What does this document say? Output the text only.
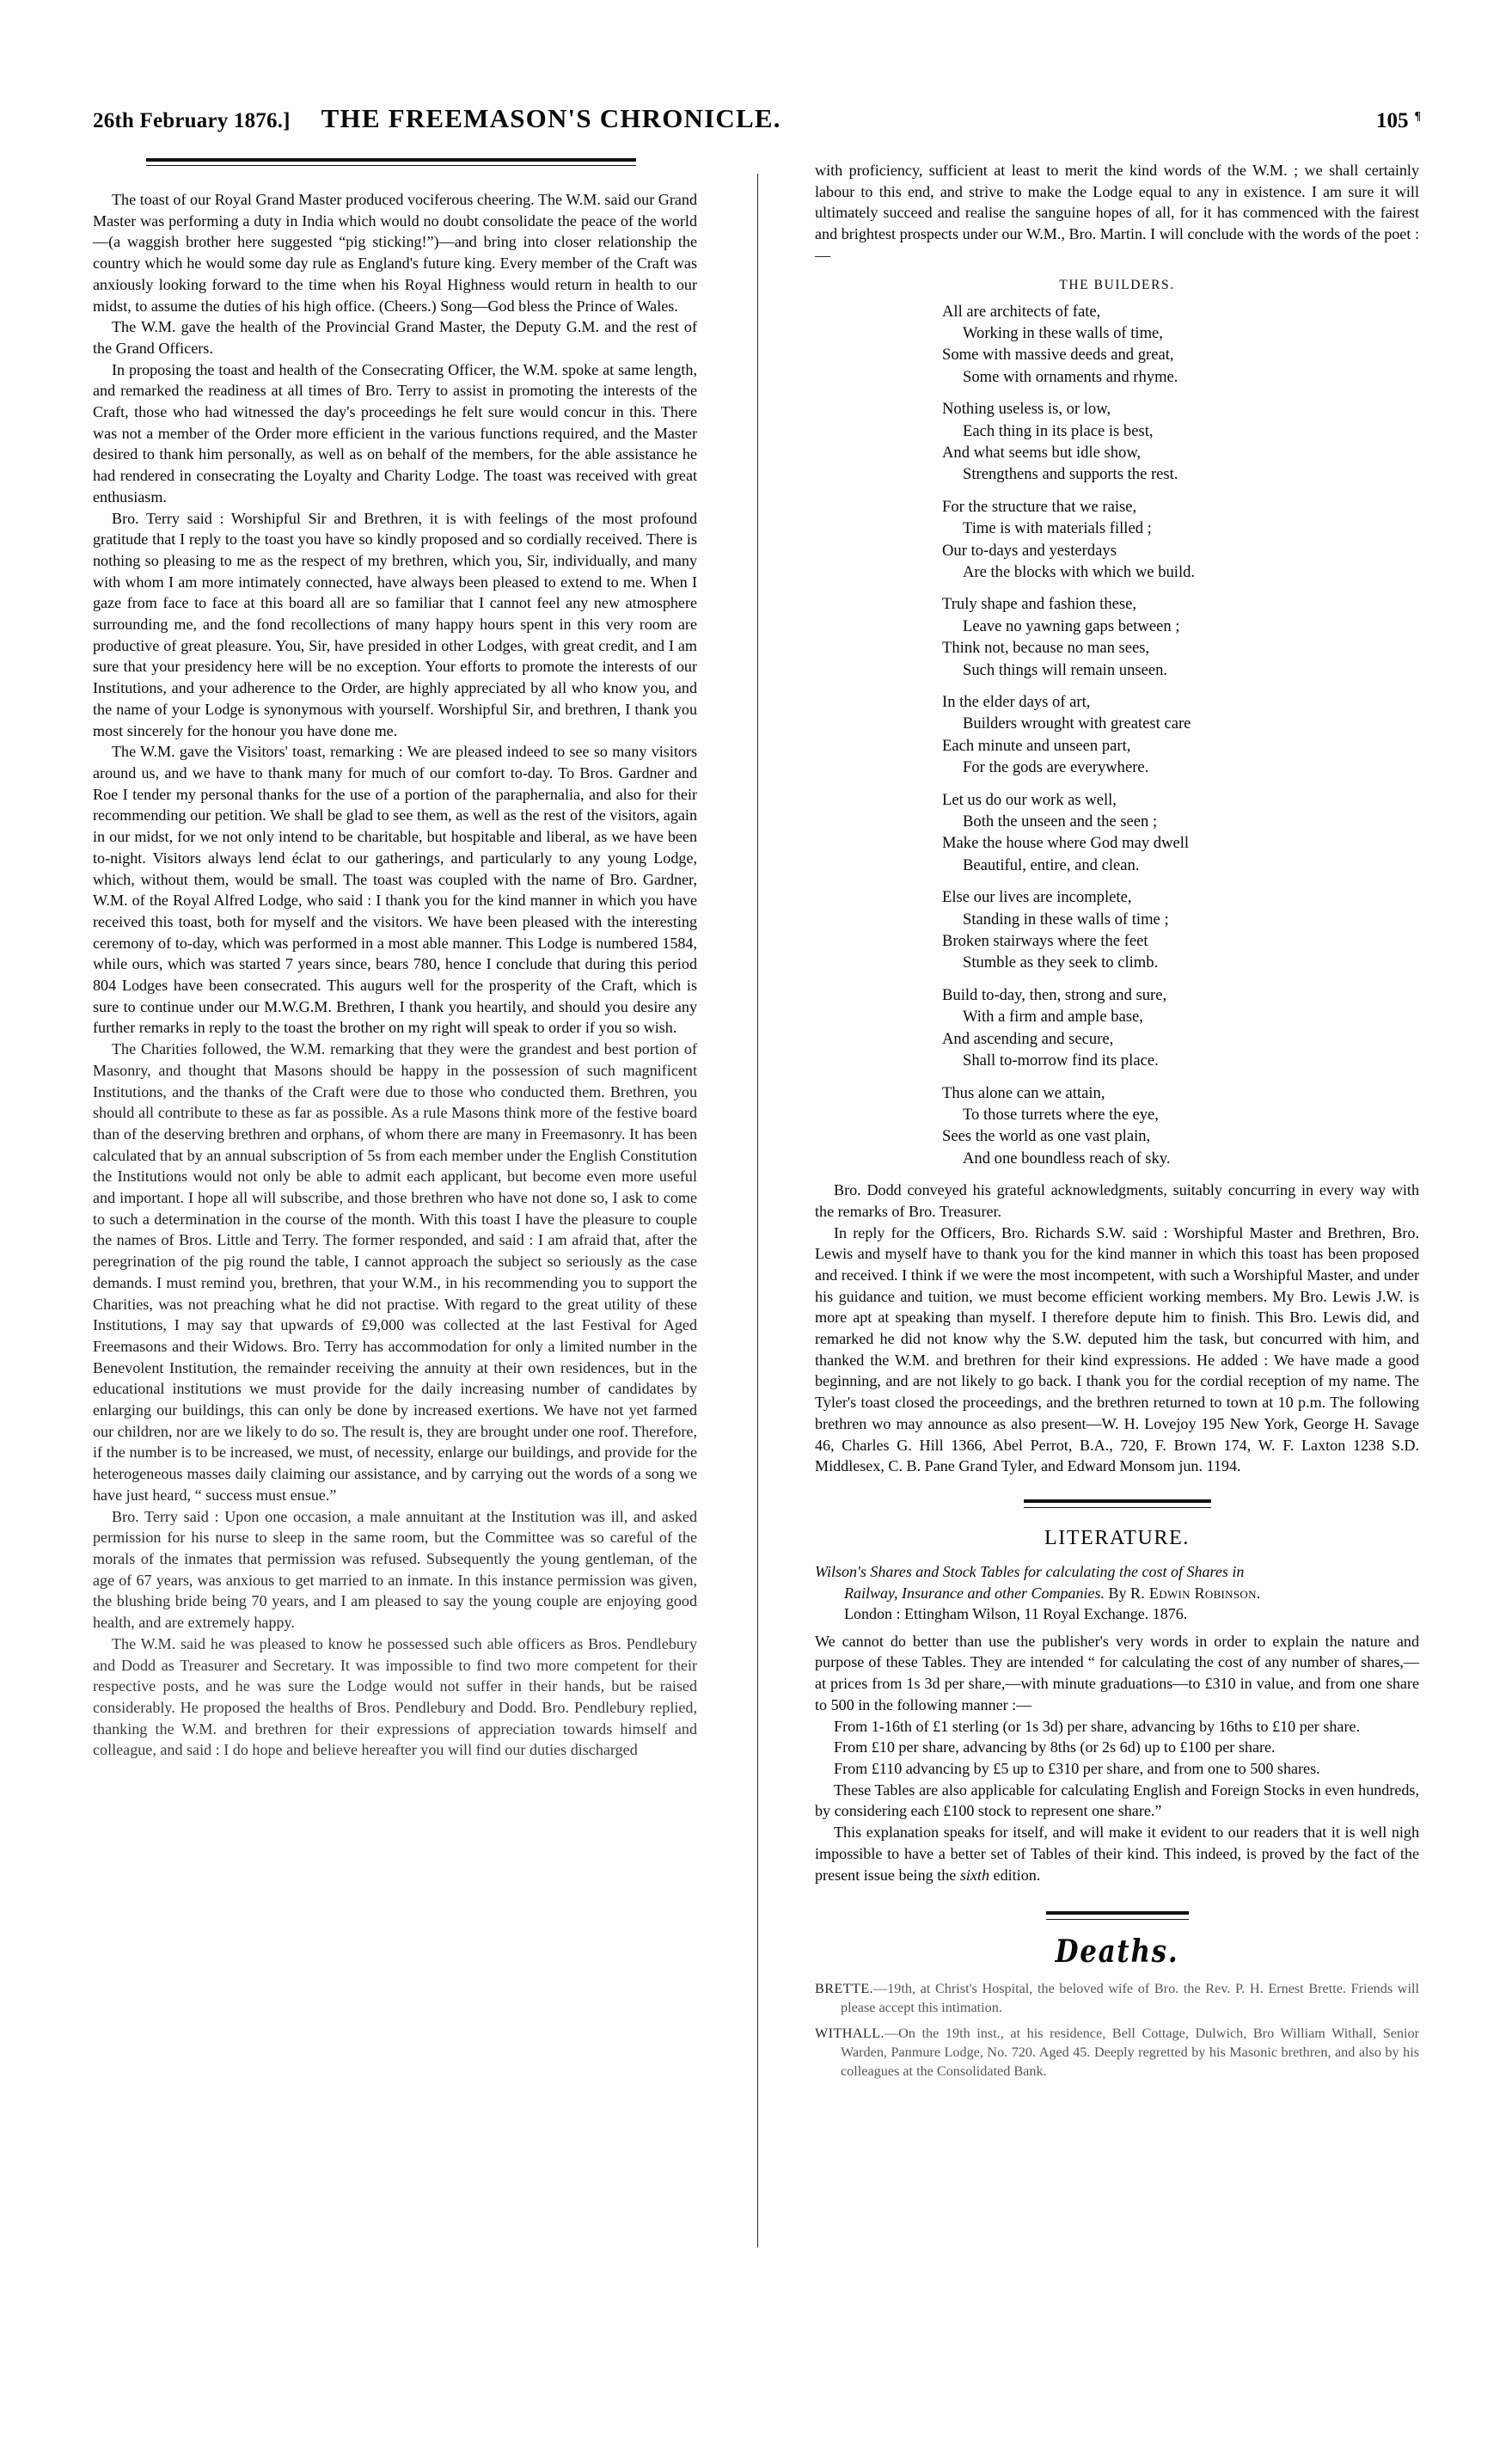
26th February 1876.] THE FREEMASON'S CHRONICLE.	105 ¶

The toast of our Royal Grand Master produced vociferous cheering. The W.M. said our Grand Master was performing a duty in India which would no doubt consolidate the peace of the world—(a waggish brother here suggested “pig sticking!”)—and bring into closer relationship the country which he would some day rule as England's future king. Every member of the Craft was anxiously looking forward to the time when his Royal Highness would return in health to our midst, to assume the duties of his high office. (Cheers.) Song—God bless the Prince of Wales.

The W.M. gave the health of the Provincial Grand Master, the Deputy G.M. and the rest of the Grand Officers.

In proposing the toast and health of the Consecrating Officer, the W.M. spoke at same length, and remarked the readiness at all times of Bro. Terry to assist in promoting the interests of the Craft, those who had witnessed the day's proceedings he felt sure would concur in this. There was not a member of the Order more efficient in the various functions required, and the Master desired to thank him personally, as well as on behalf of the members, for the able assistance he had rendered in consecrating the Loyalty and Charity Lodge. The toast was received with great enthusiasm.

Bro. Terry said : Worshipful Sir and Brethren, it is with feelings of the most profound gratitude that I reply to the toast you have so kindly proposed and so cordially received. There is nothing so pleasing to me as the respect of my brethren, which you, Sir, individually, and many with whom I am more intimately connected, have always been pleased to extend to me. When I gaze from face to face at this board all are so familiar that I cannot feel any new atmosphere surrounding me, and the fond recollections of many happy hours spent in this very room are productive of great pleasure. You, Sir, have presided in other Lodges, with great credit, and I am sure that your presidency here will be no exception. Your efforts to promote the interests of our Institutions, and your adherence to the Order, are highly appreciated by all who know you, and the name of your Lodge is synonymous with yourself. Worshipful Sir, and brethren, I thank you most sincerely for the honour you have done me.

The W.M. gave the Visitors' toast, remarking : We are pleased indeed to see so many visitors around us, and we have to thank many for much of our comfort to-day. To Bros. Gardner and Roe I tender my personal thanks for the use of a portion of the paraphernalia, and also for their recommending our petition. We shall be glad to see them, as well as the rest of the visitors, again in our midst, for we not only intend to be charitable, but hospitable and liberal, as we have been to-night. Visitors always lend éclat to our gatherings, and particularly to any young Lodge, which, without them, would be small. The toast was coupled with the name of Bro. Gardner, W.M. of the Royal Alfred Lodge, who said : I thank you for the kind manner in which you have received this toast, both for myself and the visitors. We have been pleased with the interesting ceremony of to-day, which was performed in a most able manner. This Lodge is numbered 1584, while ours, which was started 7 years since, bears 780, hence I conclude that during this period 804 Lodges have been consecrated. This augurs well for the prosperity of the Craft, which is sure to continue under our M.W.G.M. Brethren, I thank you heartily, and should you desire any further remarks in reply to the toast the brother on my right will speak to order if you so wish.

The Charities followed, the W.M. remarking that they were the grandest and best portion of Masonry, and thought that Masons should be happy in the possession of such magnificent Institutions, and the thanks of the Craft were due to those who conducted them. Brethren, you should all contribute to these as far as possible. As a rule Masons think more of the festive board than of the deserving brethren and orphans, of whom there are many in Freemasonry. It has been calculated that by an annual subscription of 5s from each member under the English Constitution the Institutions would not only be able to admit each applicant, but become even more useful and important. I hope all will subscribe, and those brethren who have not done so, I ask to come to such a determination in the course of the month. With this toast I have the pleasure to couple the names of Bros. Little and Terry. The former responded, and said : I am afraid that, after the peregrination of the pig round the table, I cannot approach the subject so seriously as the case demands. I must remind you, brethren, that your W.M., in his recommending you to support the Charities, was not preaching what he did not practise. With regard to the great utility of these Institutions, I may say that upwards of £9,000 was collected at the last Festival for Aged Freemasons and their Widows. Bro. Terry has accommodation for only a limited number in the Benevolent Institution, the remainder receiving the annuity at their own residences, but in the educational institutions we must provide for the daily increasing number of candidates by enlarging our buildings, this can only be done by increased exertions. We have not yet farmed our children, nor are we likely to do so. The result is, they are brought under one roof. Therefore, if the number is to be increased, we must, of necessity, enlarge our buildings, and provide for the heterogeneous masses daily claiming our assistance, and by carrying out the words of a song we have just heard, “ success must ensue.”

Bro. Terry said : Upon one occasion, a male annuitant at the Institution was ill, and asked permission for his nurse to sleep in the same room, but the Committee was so careful of the morals of the inmates that permission was refused. Subsequently the young gentleman, of the age of 67 years, was anxious to get married to an inmate. In this instance permission was given, the blushing bride being 70 years, and I am pleased to say the young couple are enjoying good health, and are extremely happy.

The W.M. said he was pleased to know he possessed such able officers as Bros. Pendlebury and Dodd as Treasurer and Secretary. It was impossible to find two more competent for their respective posts, and he was sure the Lodge would not suffer in their hands, but be raised considerably. He proposed the healths of Bros. Pendlebury and Dodd. Bro. Pendlebury replied, thanking the W.M. and brethren for their expressions of appreciation towards himself and colleague, and said : I do hope and believe hereafter you will find our duties discharged

with proficiency, sufficient at least to merit the kind words of the W.M. ; we shall certainly labour to this end, and strive to make the Lodge equal to any in existence. I am sure it will ultimately succeed and realise the sanguine hopes of all, for it has commenced with the fairest and brightest prospects under our W.M., Bro. Martin. I will conclude with the words of the poet :—

THE BUILDERS.
All are architects of fate,
Working in these walls of time,
Some with massive deeds and great,
Some with ornaments and rhyme.
Nothing useless is, or low,
Each thing in its place is best,
And what seems but idle show,
Strengthens and supports the rest.
For the structure that we raise,
Time is with materials filled ;
Our to-days and yesterdays
Are the blocks with which we build.
Truly shape and fashion these,
Leave no yawning gaps between ;
Think not, because no man sees,
Such things will remain unseen.
In the elder days of art,
Builders wrought with greatest care
Each minute and unseen part,
For the gods are everywhere.
Let us do our work as well,
Both the unseen and the seen ;
Make the house where God may dwell
Beautiful, entire, and clean.
Else our lives are incomplete,
Standing in these walls of time ;
Broken stairways where the feet
Stumble as they seek to climb.
Build to-day, then, strong and sure,
With a firm and ample base,
And ascending and secure,
Shall to-morrow find its place.
Thus alone can we attain,
To those turrets where the eye,
Sees the world as one vast plain,
And one boundless reach of sky.

Bro. Dodd conveyed his grateful acknowledgments, suitably concurring in every way with the remarks of Bro. Treasurer.

In reply for the Officers, Bro. Richards S.W. said : Worshipful Master and Brethren, Bro. Lewis and myself have to thank you for the kind manner in which this toast has been proposed and received. I think if we were the most incompetent, with such a Worshipful Master, and under his guidance and tuition, we must become efficient working members. My Bro. Lewis J.W. is more apt at speaking than myself. I therefore depute him to finish. This Bro. Lewis did, and remarked he did not know why the S.W. deputed him the task, but concurred with him, and thanked the W.M. and brethren for their kind expressions. He added : We have made a good beginning, and are not likely to go back. I thank you for the cordial reception of my name. The Tyler's toast closed the proceedings, and the brethren returned to town at 10 p.m. The following brethren wo may announce as also present—W. H. Lovejoy 195 New York, George H. Savage 46, Charles G. Hill 1366, Abel Perrot, B.A., 720, F. Brown 174, W. F. Laxton 1238 S.D. Middlesex, C. B. Pane Grand Tyler, and Edward Monsom jun. 1194.

LITERATURE.
Wilson's Shares and Stock Tables for calculating the cost of Shares in
Railway, Insurance and other Companies. By R. Edwin Robinson.
London : Ettingham Wilson, 11 Royal Exchange. 1876.

We cannot do better than use the publisher's very words in order to explain the nature and purpose of these Tables. They are intended “ for calculating the cost of any number of shares,—at prices from 1s 3d per share,—with minute graduations—to £310 in value, and from one share to 500 in the following manner :—

From 1-16th of £1 sterling (or 1s 3d) per share, advancing by 16ths to £10 per share.

From £10 per share, advancing by 8ths (or 2s 6d) up to £100 per share.

From £110 advancing by £5 up to £310 per share, and from one to 500 shares.

These Tables are also applicable for calculating English and Foreign Stocks in even hundreds, by considering each £100 stock to represent one share.”

This explanation speaks for itself, and will make it evident to our readers that it is well nigh impossible to have a better set of Tables of their kind. This indeed, is proved by the fact of the present issue being the sixth edition.

Deaths.
BRETTE.—19th, at Christ's Hospital, the beloved wife of Bro. the Rev. P. H. Ernest Brette. Friends will please accept this intimation.
WITHALL.—On the 19th inst., at his residence, Bell Cottage, Dulwich, Bro William Withall, Senior Warden, Panmure Lodge, No. 720. Aged 45. Deeply regretted by his Masonic brethren, and also by his colleagues at the Consolidated Bank.
